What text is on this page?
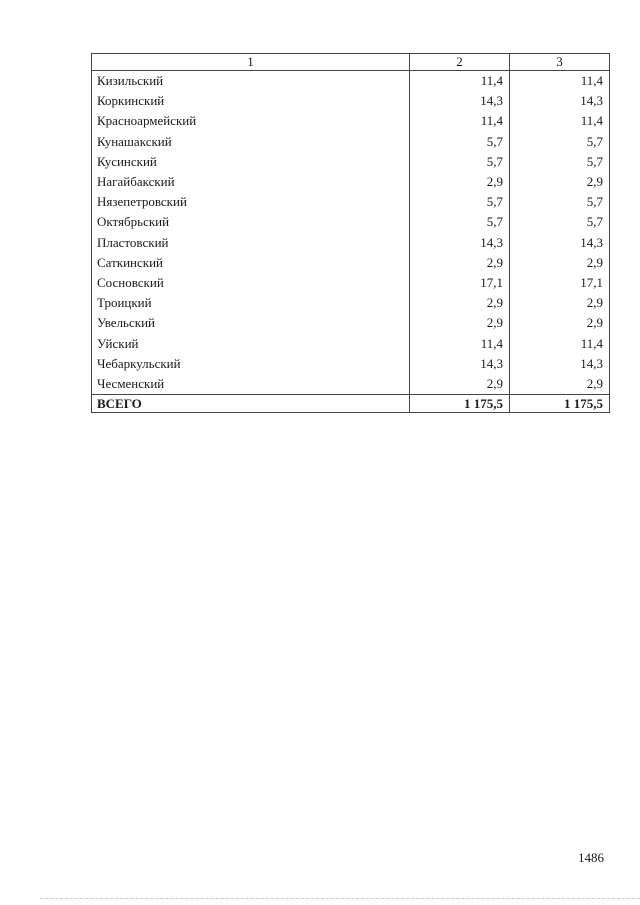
1	2	3
Кизильский	11,4	11,4
Коркинский	14,3	14,3
Красноармейский	11,4	11,4
Кунашакский	5,7	5,7
Кусинский	5,7	5,7
Нагайбакский	2,9	2,9
Нязепетровский	5,7	5,7
Октябрьский	5,7	5,7
Пластовский	14,3	14,3
Саткинский	2,9	2,9
Сосновский	17,1	17,1
Троицкий	2,9	2,9
Увельский	2,9	2,9
Уйский	11,4	11,4
Чебаркульский	14,3	14,3
Чесменский	2,9	2,9
ВСЕГО	1 175,5	1 175,5
1486
